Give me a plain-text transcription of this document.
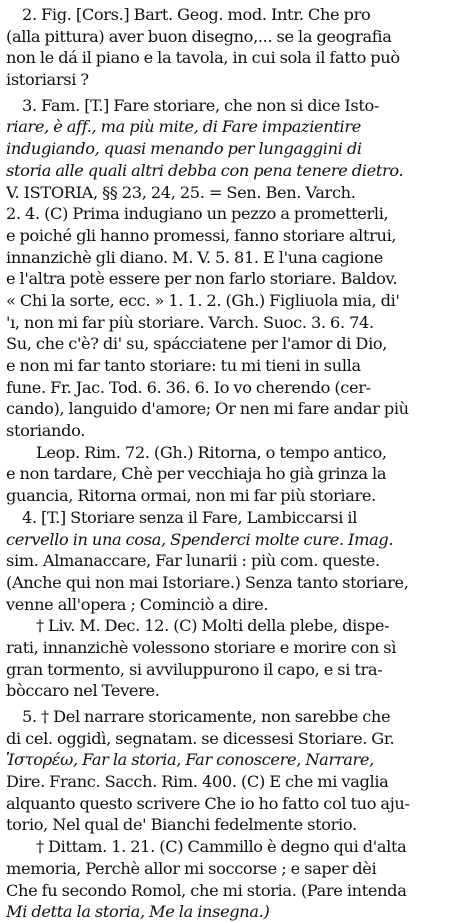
2. Fig. [Cors.] Bart. Geog. mod. Intr. Che pro
(alla pittura) aver buon disegno,... se la geografia
non le dá il piano e la tavola, in cui sola il fatto può
istoriarsi ?
3. Fam. [T.] Fare storiare, che non si dice Isto-
riare, è aff., ma più mite, di Fare impazientire
indugiando, quasi menando per lungaggini di
storia alle quali altri debba con pena tenere dietro.
V. ISTORIA, §§ 23, 24, 25. = Sen. Ben. Varch.
2. 4. (C) Prima indugiano un pezzo a prometterli,
e poiché gli hanno promessi, fanno storiare altrui,
innanzichè gli diano. M. V. 5. 81. E l'una cagione
e l'altra potè essere per non farlo storiare. Baldov.
« Chi la sorte, ecc. » 1. 1. 2. (Gh.) Figliuola mia, di'
'ı, non mi far più storiare. Varch. Suoc. 3. 6. 74.
Su, che c'è? di' su, spácciatene per l'amor di Dio,
e non mi far tanto storiare: tu mi tieni in sulla
fune. Fr. Jac. Tod. 6. 36. 6. Io vo cherendo (cer-
cando), languido d'amore; Or nen mi fare andar più
storiando.
Leop. Rim. 72. (Gh.) Ritorna, o tempo antico,
e non tardare, Chè per vecchiaja ho già grinza la
guancia, Ritorna ormai, non mi far più storiare.
4. [T.] Storiare senza il Fare, Lambiccarsi il
cervello in una cosa, Spenderci molte cure. Imag.
sim. Almanaccare, Far lunarii : più com. queste.
(Anche qui non mai Istoriare.) Senza tanto storiare,
venne all'opera ; Cominciò a dire.
† Liv. M. Dec. 12. (C) Molti della plebe, dispe-
rati, innanzichè volessono storiare e morire con sì
gran tormento, si avviluppurono il capo, e si tra-
bòccaro nel Tevere.
5. † Del narrare storicamente, non sarebbe che
di cel. oggidì, segnatam. se dicessesi Storiare. Gr.
Ἱστορέω, Far la storia, Far conoscere, Narrare,
Dire. Franc. Sacch. Rim. 400. (C) E che mi vaglia
alquanto questo scrivere Che io ho fatto col tuo aju-
torio, Nel qual de' Bianchi fedelmente storio.
† Dittam. 1. 21. (C) Cammillo è degno qui d'alta
memoria, Perchè allor mi soccorse ; e saper dèi
Che fu secondo Romol, che mi storia. (Pare intenda
Mi detta la storia, Me la insegna.)
